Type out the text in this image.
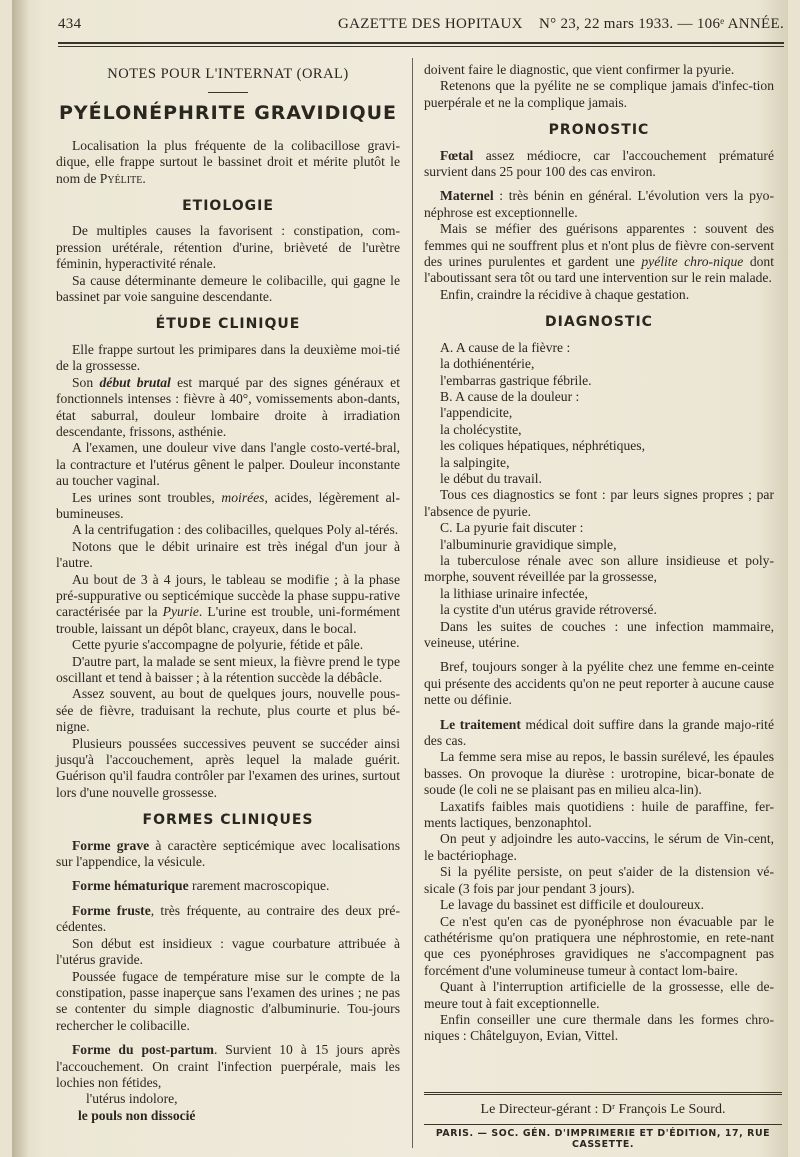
434	GAZETTE DES HOPITAUX N° 23, 22 mars 1933. — 106ᵉ ANNÉE.
NOTES POUR L'INTERNAT (ORAL)
PYÉLONÉPHRITE GRAVIDIQUE

Localisation la plus fréquente de la colibacillose gravi-dique, elle frappe surtout le bassinet droit et mérite plutôt le nom de Pyélite.

ETIOLOGIE

De multiples causes la favorisent : constipation, com-pression urétérale, rétention d'urine, brièveté de l'urètre féminin, hyperactivité rénale.

Sa cause déterminante demeure le colibacille, qui gagne le bassinet par voie sanguine descendante.

ÉTUDE CLINIQUE

Elle frappe surtout les primipares dans la deuxième moi-tié de la grossesse.

Son début brutal est marqué par des signes généraux et fonctionnels intenses : fièvre à 40°, vomissements abon-dants, état saburral, douleur lombaire droite à irradiation descendante, frissons, asthénie.

A l'examen, une douleur vive dans l'angle costo-verté-bral, la contracture et l'utérus gênent le palper. Douleur inconstante au toucher vaginal.

Les urines sont troubles, moirées, acides, légèrement al-bumineuses.

A la centrifugation : des colibacilles, quelques Poly al-térés.

Notons que le débit urinaire est très inégal d'un jour à l'autre.

Au bout de 3 à 4 jours, le tableau se modifie ; à la phase pré-suppurative ou septicémique succède la phase suppu-rative caractérisée par la Pyurie. L'urine est trouble, uni-formément trouble, laissant un dépôt blanc, crayeux, dans le bocal.

Cette pyurie s'accompagne de polyurie, fétide et pâle.

D'autre part, la malade se sent mieux, la fièvre prend le type oscillant et tend à baisser ; à la rétention succède la débâcle.

Assez souvent, au bout de quelques jours, nouvelle pous-sée de fièvre, traduisant la rechute, plus courte et plus bé-nigne.

Plusieurs poussées successives peuvent se succéder ainsi jusqu'à l'accouchement, après lequel la malade guérit. Guérison qu'il faudra contrôler par l'examen des urines, surtout lors d'une nouvelle grossesse.

FORMES CLINIQUES

Forme grave à caractère septicémique avec localisations sur l'appendice, la vésicule.

Forme hématurique rarement macroscopique.

Forme fruste, très fréquente, au contraire des deux pré-cédentes.

Son début est insidieux : vague courbature attribuée à l'utérus gravide.

Poussée fugace de température mise sur le compte de la constipation, passe inaperçue sans l'examen des urines ; ne pas se contenter du simple diagnostic d'albuminurie. Tou-jours rechercher le colibacille.

Forme du post-partum. Survient 10 à 15 jours après l'accouchement. On craint l'infection puerpérale, mais les lochies non fétides,

l'utérus indolore,

le pouls non dissocié

doivent faire le diagnostic, que vient confirmer la pyurie.

Retenons que la pyélite ne se complique jamais d'infec-tion puerpérale et ne la complique jamais.

PRONOSTIC

Fœtal assez médiocre, car l'accouchement prématuré survient dans 25 pour 100 des cas environ.

Maternel : très bénin en général. L'évolution vers la pyo-néphrose est exceptionnelle.

Mais se méfier des guérisons apparentes : souvent des femmes qui ne souffrent plus et n'ont plus de fièvre con-servent des urines purulentes et gardent une pyélite chro-nique dont l'aboutissant sera tôt ou tard une intervention sur le rein malade.

Enfin, craindre la récidive à chaque gestation.

DIAGNOSTIC

A. A cause de la fièvre :

la dothiénentérie,

l'embarras gastrique fébrile.

B. A cause de la douleur :

l'appendicite,

la cholécystite,

les coliques hépatiques, néphrétiques,

la salpingite,

le début du travail.

Tous ces diagnostics se font : par leurs signes propres ; par l'absence de pyurie.

C. La pyurie fait discuter :

l'albuminurie gravidique simple,

la tuberculose rénale avec son allure insidieuse et poly-morphe, souvent réveillée par la grossesse,

la lithiase urinaire infectée,

la cystite d'un utérus gravide rétroversé.

Dans les suites de couches : une infection mammaire, veineuse, utérine.

Bref, toujours songer à la pyélite chez une femme en-ceinte qui présente des accidents qu'on ne peut reporter à aucune cause nette ou définie.

Le traitement médical doit suffire dans la grande majo-rité des cas.

La femme sera mise au repos, le bassin surélevé, les épaules basses. On provoque la diurèse : urotropine, bicar-bonate de soude (le coli ne se plaisant pas en milieu alca-lin).

Laxatifs faibles mais quotidiens : huile de paraffine, fer-ments lactiques, benzonaphtol.

On peut y adjoindre les auto-vaccins, le sérum de Vin-cent, le bactériophage.

Si la pyélite persiste, on peut s'aider de la distension vé-sicale (3 fois par jour pendant 3 jours).

Le lavage du bassinet est difficile et douloureux.

Ce n'est qu'en cas de pyonéphrose non évacuable par le cathétérisme qu'on pratiquera une néphrostomie, en rete-nant que ces pyonéphroses gravidiques ne s'accompagnent pas forcément d'une volumineuse tumeur à contact lom-baire.

Quant à l'interruption artificielle de la grossesse, elle de-meure tout à fait exceptionnelle.

Enfin conseiller une cure thermale dans les formes chro-niques : Châtelguyon, Evian, Vittel.

Le Directeur-gérant : Dʳ François Le Sourd.
PARIS. — SOC. GÉN. D'IMPRIMERIE ET D'ÉDITION, 17, RUE CASSETTE.
